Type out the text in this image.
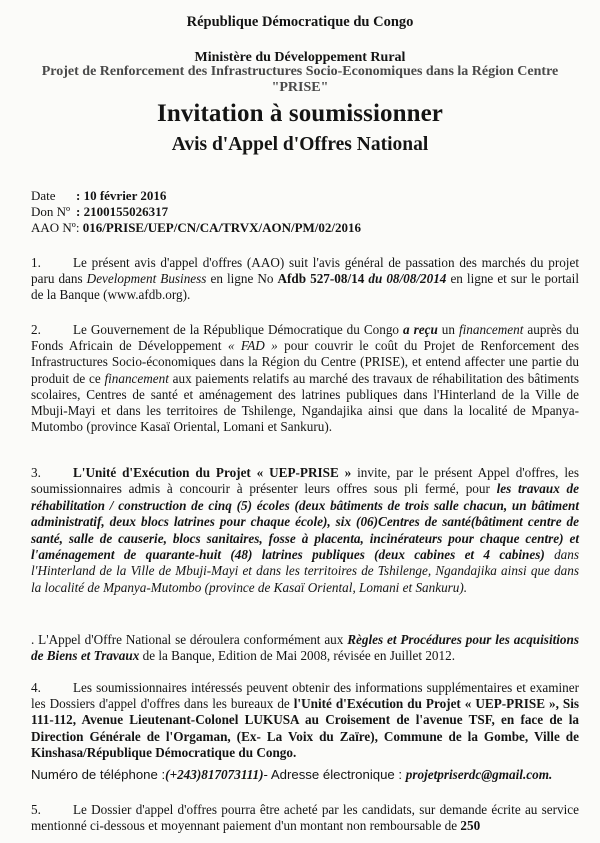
République Démocratique du Congo
Ministère du Développement Rural
Projet de Renforcement des Infrastructures Socio-Economiques dans la Région Centre
"PRISE"
Invitation à soumissionner
Avis d'Appel d'Offres National
Date : 10 février 2016
Don Nº : 2100155026317
AAO Nº: 016/PRISE/UEP/CN/CA/TRVX/AON/PM/02/2016
1. Le présent avis d'appel d'offres (AAO) suit l'avis général de passation des marchés du projet paru dans Development Business en ligne No Afdb 527-08/14 du 08/08/2014 en ligne et sur le portail de la Banque (www.afdb.org).
2. Le Gouvernement de la République Démocratique du Congo a reçu un financement auprès du Fonds Africain de Développement « FAD » pour couvrir le coût du Projet de Renforcement des Infrastructures Socio-économiques dans la Région du Centre (PRISE), et entend affecter une partie du produit de ce financement aux paiements relatifs au marché des travaux de réhabilitation des bâtiments scolaires, Centres de santé et aménagement des latrines publiques dans l'Hinterland de la Ville de Mbuji-Mayi et dans les territoires de Tshilenge, Ngandajika ainsi que dans la localité de Mpanya-Mutombo (province Kasaï Oriental, Lomani et Sankuru).
3. L'Unité d'Exécution du Projet « UEP-PRISE » invite, par le présent Appel d'offres, les soumissionnaires admis à concourir à présenter leurs offres sous pli fermé, pour les travaux de réhabilitation / construction de cinq (5) écoles (deux bâtiments de trois salle chacun, un bâtiment administratif, deux blocs latrines pour chaque école), six (06)Centres de santé(bâtiment centre de santé, salle de causerie, blocs sanitaires, fosse à placenta, incinérateurs pour chaque centre) et l'aménagement de quarante-huit (48) latrines publiques (deux cabines et 4 cabines) dans l'Hinterland de la Ville de Mbuji-Mayi et dans les territoires de Tshilenge, Ngandajika ainsi que dans la localité de Mpanya-Mutombo (province de Kasaï Oriental, Lomani et Sankuru).
. L'Appel d'Offre National se déroulera conformément aux Règles et Procédures pour les acquisitions de Biens et Travaux de la Banque, Edition de Mai 2008, révisée en Juillet 2012.
4. Les soumissionnaires intéressés peuvent obtenir des informations supplémentaires et examiner les Dossiers d'appel d'offres dans les bureaux de l'Unité d'Exécution du Projet « UEP-PRISE », Sis 111-112, Avenue Lieutenant-Colonel LUKUSA au Croisement de l'avenue TSF, en face de la Direction Générale de l'Orgaman, (Ex- La Voix du Zaïre), Commune de la Gombe, Ville de Kinshasa/République Démocratique du Congo.
Numéro de téléphone :(+243)817073111)- Adresse électronique : projetpriserdc@gmail.com.
5. Le Dossier d'appel d'offres pourra être acheté par les candidats, sur demande écrite au service mentionné ci-dessous et moyennant paiement d'un montant non remboursable de 250
